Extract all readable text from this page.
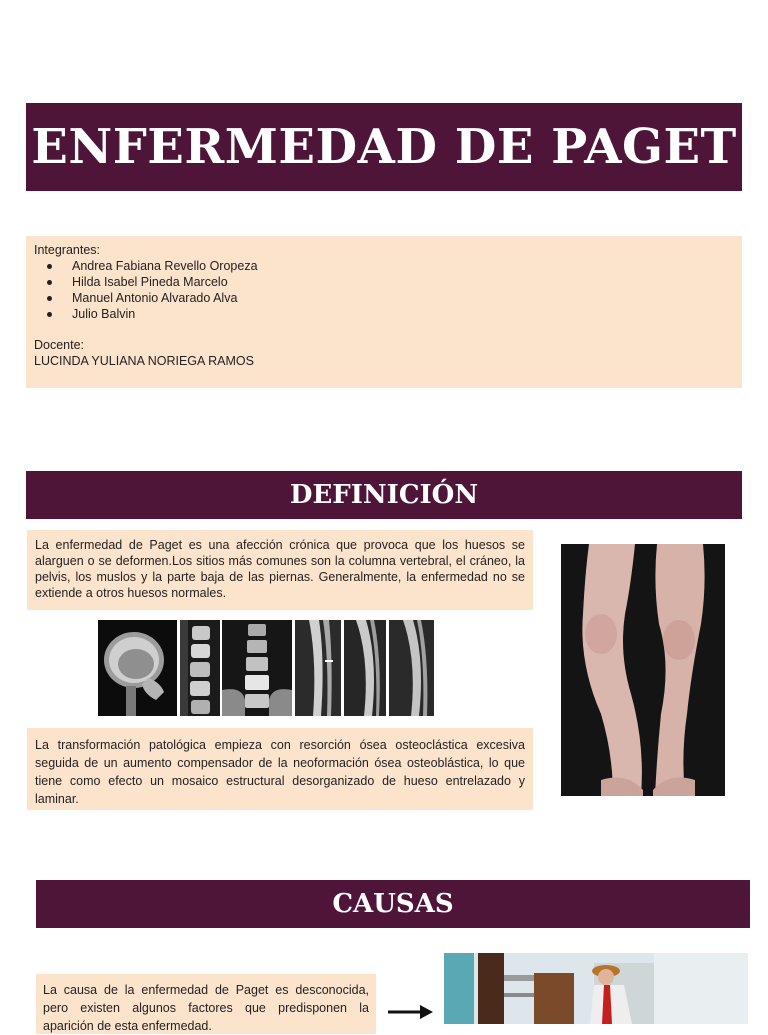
ENFERMEDAD DE PAGET
Integrantes:
Andrea Fabiana Revello Oropeza
Hilda Isabel Pineda Marcelo
Manuel Antonio Alvarado Alva
Julio Balvin
Docente:
LUCINDA YULIANA NORIEGA RAMOS
DEFINICIÓN
La enfermedad de Paget es una afección crónica que provoca que los huesos se alarguen o se deformen.Los sitios más comunes son la columna vertebral, el cráneo, la pelvis, los muslos y la parte baja de las piernas. Generalmente, la enfermedad no se extiende a otros huesos normales.
La transformación patológica empieza con resorción ósea osteoclástica excesiva seguida de un aumento compensador de la neoformación ósea osteoblástica, lo que tiene como efecto un mosaico estructural desorganizado de hueso entrelazado y laminar.
CAUSAS
La causa de la enfermedad de Paget es desconocida, pero existen algunos factores que predisponen la aparición de esta enfermedad.
